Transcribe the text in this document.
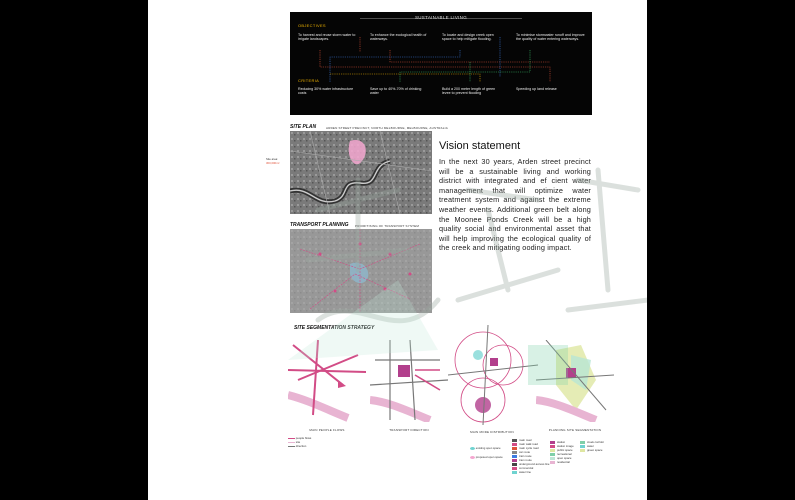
SUSTAINABLE LIVING
OBJECTIVES
To harvest and reuse storm water to irrigate landscapes.
To enhance the ecological health of waterways.
To locate and design creek open space to help mitigate flooding.
To minimise stormwater runoff and improve the quality of water entering waterways.
CRITERIA
Reducing 30% water infrastructure costs
Save up to 40%-70% of drinking water
Build a 200 meter length of green levee to prevent flooding
Speeding up land release
SITE PLAN	ARDEN STREET PRECINCT, NORTH MELBOURNE, MELBOURNE, AUSTRALIA
Site area:
300,000m²
TRANSPORT PLANNING PRIORITISING OF TRANSPORT SYSTEM
Vision statement
In the next 30 years, Arden street precinct will be a sustainable living and working district with integrated and ef cient water management that will optimize water treatment system and against the extreme weather events. Additional green belt along the Moonee Ponds Creek will be a high quality social and environmental asset that will help improving the ecological quality of the creek and mitigating ooding impact.
SITE SEGMENTATION STRATEGY
MAIN PEOPLE FLOWS	TRANSPORT DIRECTION	MAIN MODE DISTRIBUTION	PLANNING SITE SEGMENTATION
people flows
site
direction	existing open space
proposed open space
main road
main walk road
main cycle road
car route
train route
tram route
underground access line
commercial
water line
station
station image
public space
recreational
open space
residential
creek corridor
water
green space
